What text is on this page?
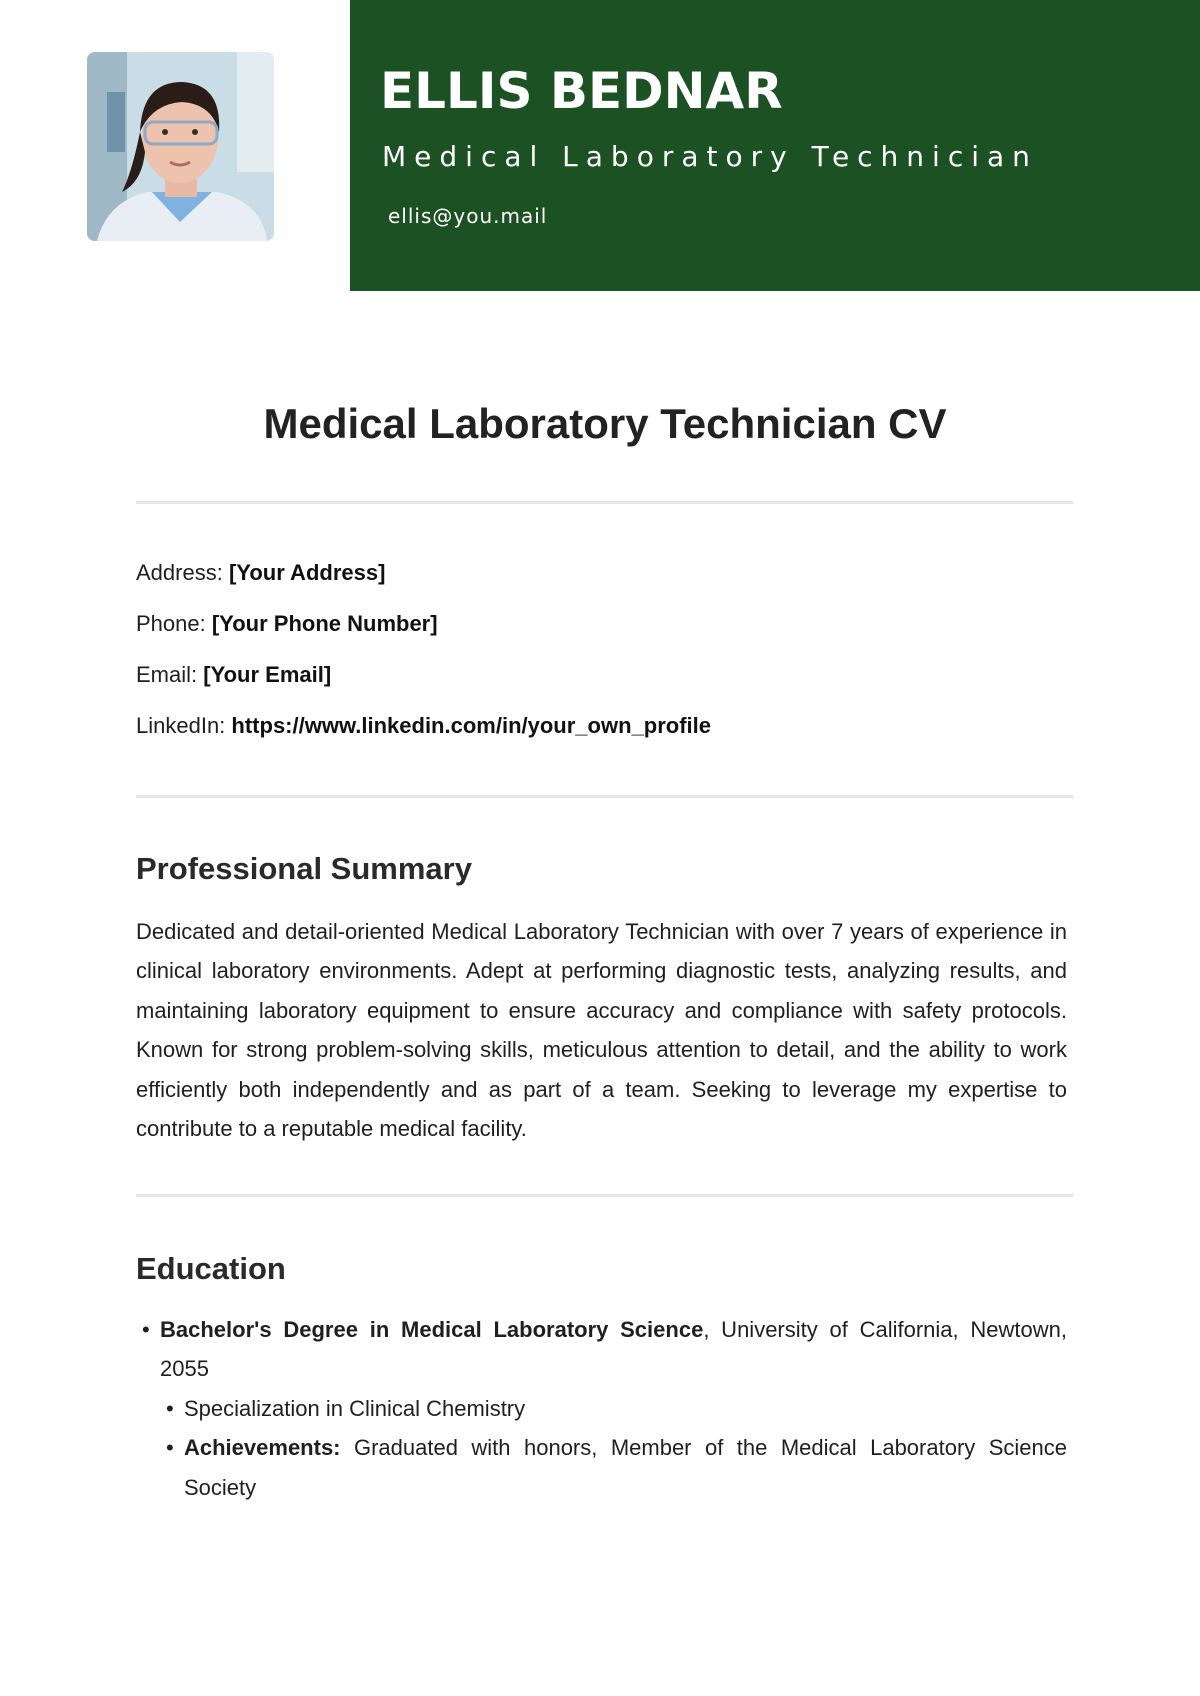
ELLIS BEDNAR
Medical Laboratory Technician
ellis@you.mail
Medical Laboratory Technician CV
Address: [Your Address]
Phone: [Your Phone Number]
Email: [Your Email]
LinkedIn: https://www.linkedin.com/in/your_own_profile
Professional Summary

Dedicated and detail-oriented Medical Laboratory Technician with over 7 years of experience in clinical laboratory environments. Adept at performing diagnostic tests, analyzing results, and maintaining laboratory equipment to ensure accuracy and compliance with safety protocols. Known for strong problem-solving skills, meticulous attention to detail, and the ability to work efficiently both independently and as part of a team. Seeking to leverage my expertise to contribute to a reputable medical facility.

Education
• Bachelor's Degree in Medical Laboratory Science, University of California, Newtown, 2055
• Specialization in Clinical Chemistry
• Achievements: Graduated with honors, Member of the Medical Laboratory Science Society
